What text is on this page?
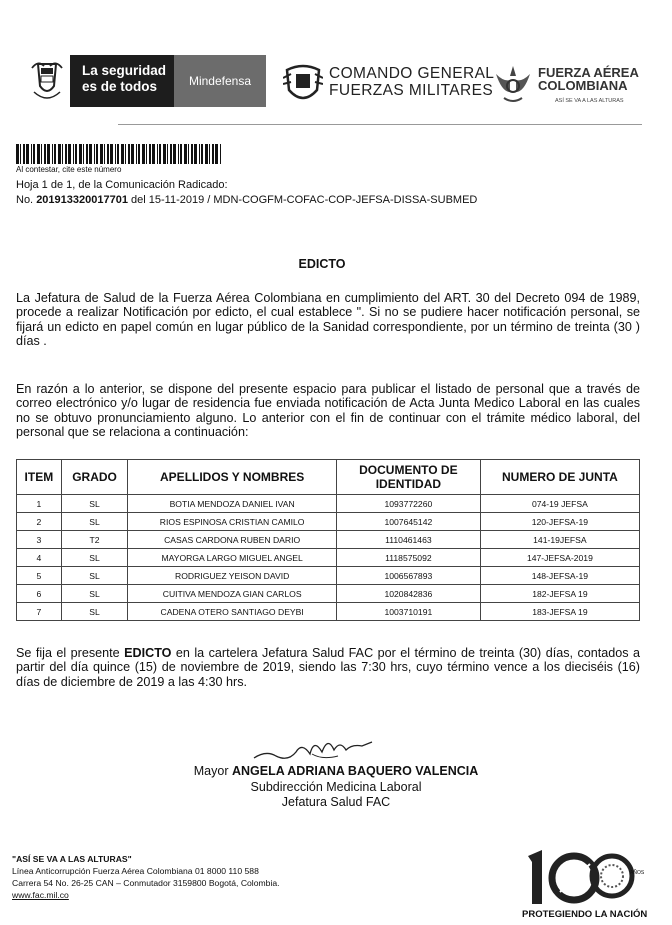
La seguridad
es de todos	Mindefensa	COMANDO GENERAL
FUERZAS MILITARES
FUERZA AÉREA
COLOMBIANA
ASÍ SE VA A LAS ALTURAS
Al contestar, cite este número
Hoja 1 de 1, de la Comunicación Radicado:
No. 201913320017701 del 15-11-2019 / MDN-COGFM-COFAC-COP-JEFSA-DISSA-SUBMED
EDICTO
La Jefatura de Salud de la Fuerza Aérea Colombiana en cumplimiento del ART. 30 del Decreto 094 de 1989, procede a realizar Notificación por edicto, el cual establece ". Si no se pudiere hacer notificación personal, se fijará un edicto en papel común en lugar público de la Sanidad correspondiente, por un término de treinta (30 ) días .
En razón a lo anterior, se dispone del presente espacio para publicar el listado de personal que a través de correo electrónico y/o lugar de residencia fue enviada notificación de Acta Junta Medico Laboral en las cuales no se obtuvo pronunciamiento alguno. Lo anterior con el fin de continuar con el trámite médico laboral, del personal que se relaciona a continuación:
ITEM	GRADO	APELLIDOS Y NOMBRES	DOCUMENTO DE IDENTIDAD	NUMERO DE JUNTA
1	SL	BOTIA MENDOZA DANIEL IVAN	1093772260	074-19 JEFSA
2	SL	RIOS ESPINOSA CRISTIAN CAMILO	1007645142	120-JEFSA-19
3	T2	CASAS CARDONA RUBEN DARIO	1110461463	141-19JEFSA
4	SL	MAYORGA LARGO MIGUEL ANGEL	1118575092	147-JEFSA-2019
5	SL	RODRIGUEZ YEISON DAVID	1006567893	148-JEFSA-19
6	SL	CUITIVA MENDOZA GIAN CARLOS	1020842836	182-JEFSA 19
7	SL	CADENA OTERO SANTIAGO DEYBI	1003710191	183-JEFSA 19
Se fija el presente EDICTO en la cartelera Jefatura Salud FAC por el término de treinta (30) días, contados a partir del día quince (15) de noviembre de 2019, siendo las 7:30 hrs, cuyo término vence a los dieciséis (16) días de diciembre de 2019 a las 4:30 hrs.
Mayor ANGELA ADRIANA BAQUERO VALENCIA
Subdirección Medicina Laboral
Jefatura Salud FAC
"ASÍ SE VA A LAS ALTURAS"
Línea Anticorrupción Fuerza Aérea Colombiana 01 8000 110 588
Carrera 54 No. 26-25 CAN – Conmutador 3159800 Bogotá, Colombia.
www.fac.mil.co
AÑOS
PROTEGIENDO LA NACIÓN
